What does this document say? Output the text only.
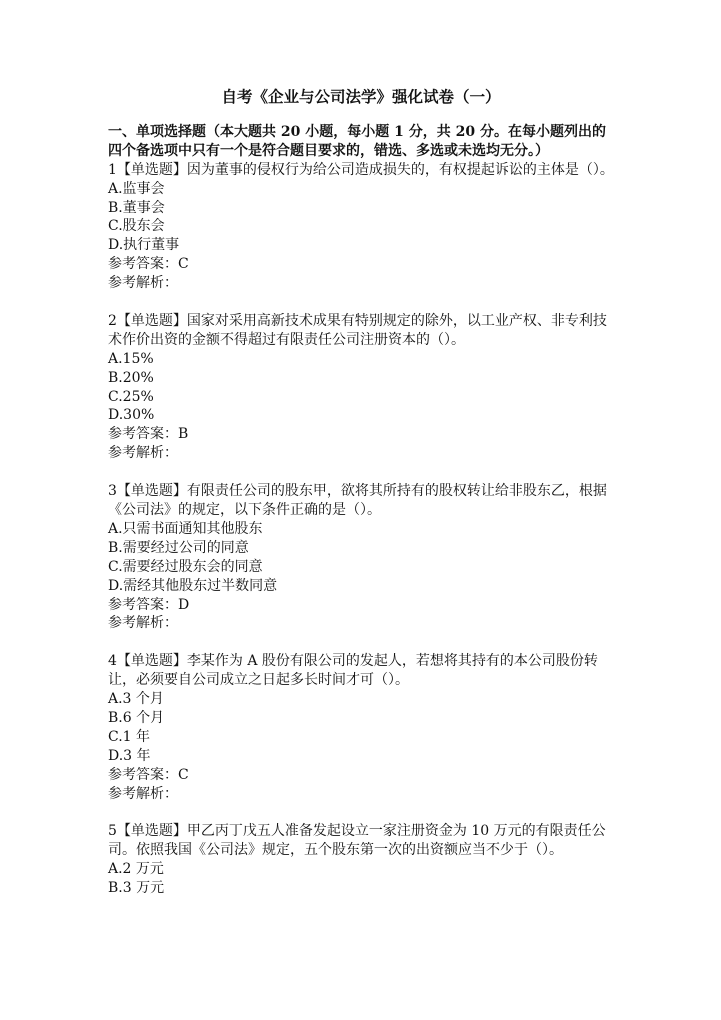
自考《企业与公司法学》强化试卷（一）
一、单项选择题（本大题共 20 小题，每小题 1 分，共 20 分。在每小题列出的四个备选项中只有一个是符合题目要求的，错选、多选或未选均无分。）
1【单选题】因为董事的侵权行为给公司造成损失的，有权提起诉讼的主体是（）。
A.监事会
B.董事会
C.股东会
D.执行董事
参考答案：C
参考解析：
2【单选题】国家对采用高新技术成果有特别规定的除外，以工业产权、非专利技术作价出资的金额不得超过有限责任公司注册资本的（）。
A.15%
B.20%
C.25%
D.30%
参考答案：B
参考解析：
3【单选题】有限责任公司的股东甲，欲将其所持有的股权转让给非股东乙，根据《公司法》的规定，以下条件正确的是（）。
A.只需书面通知其他股东
B.需要经过公司的同意
C.需要经过股东会的同意
D.需经其他股东过半数同意
参考答案：D
参考解析：
4【单选题】李某作为 A 股份有限公司的发起人，若想将其持有的本公司股份转让，必须要自公司成立之日起多长时间才可（）。
A.3 个月
B.6 个月
C.1 年
D.3 年
参考答案：C
参考解析：
5【单选题】甲乙丙丁戊五人准备发起设立一家注册资金为 10 万元的有限责任公司。依照我国《公司法》规定，五个股东第一次的出资额应当不少于（）。
A.2 万元
B.3 万元
